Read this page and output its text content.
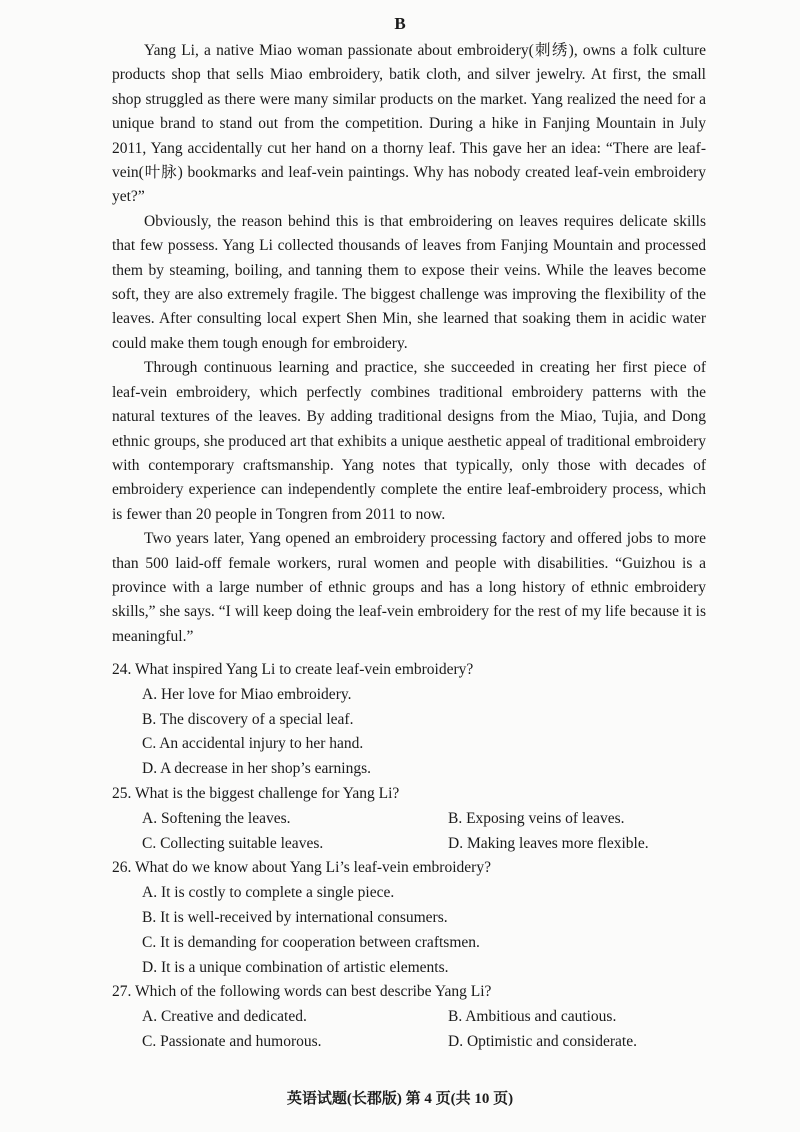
B

Yang Li, a native Miao woman passionate about embroidery(刺绣), owns a folk culture products shop that sells Miao embroidery, batik cloth, and silver jewelry. At first, the small shop struggled as there were many similar products on the market. Yang realized the need for a unique brand to stand out from the competition. During a hike in Fanjing Mountain in July 2011, Yang accidentally cut her hand on a thorny leaf. This gave her an idea: “There are leaf-vein(叶脉) bookmarks and leaf-vein paintings. Why has nobody created leaf-vein embroidery yet?”

Obviously, the reason behind this is that embroidering on leaves requires delicate skills that few possess. Yang Li collected thousands of leaves from Fanjing Mountain and processed them by steaming, boiling, and tanning them to expose their veins. While the leaves become soft, they are also extremely fragile. The biggest challenge was improving the flexibility of the leaves. After consulting local expert Shen Min, she learned that soaking them in acidic water could make them tough enough for embroidery.

Through continuous learning and practice, she succeeded in creating her first piece of leaf-vein embroidery, which perfectly combines traditional embroidery patterns with the natural textures of the leaves. By adding traditional designs from the Miao, Tujia, and Dong ethnic groups, she produced art that exhibits a unique aesthetic appeal of traditional embroidery with contemporary craftsmanship. Yang notes that typically, only those with decades of embroidery experience can independently complete the entire leaf-embroidery process, which is fewer than 20 people in Tongren from 2011 to now.

Two years later, Yang opened an embroidery processing factory and offered jobs to more than 500 laid-off female workers, rural women and people with disabilities. “Guizhou is a province with a large number of ethnic groups and has a long history of ethnic embroidery skills,” she says. “I will keep doing the leaf-vein embroidery for the rest of my life because it is meaningful.”

24. What inspired Yang Li to create leaf-vein embroidery?
A. Her love for Miao embroidery.
B. The discovery of a special leaf.
C. An accidental injury to her hand.
D. A decrease in her shop’s earnings.
25. What is the biggest challenge for Yang Li?
A. Softening the leaves.	B. Exposing veins of leaves.
C. Collecting suitable leaves.	D. Making leaves more flexible.
26. What do we know about Yang Li’s leaf-vein embroidery?
A. It is costly to complete a single piece.
B. It is well-received by international consumers.
C. It is demanding for cooperation between craftsmen.
D. It is a unique combination of artistic elements.
27. Which of the following words can best describe Yang Li?
A. Creative and dedicated.	B. Ambitious and cautious.
C. Passionate and humorous.	D. Optimistic and considerate.
英语试题(长郡版) 第 4 页(共 10 页)
